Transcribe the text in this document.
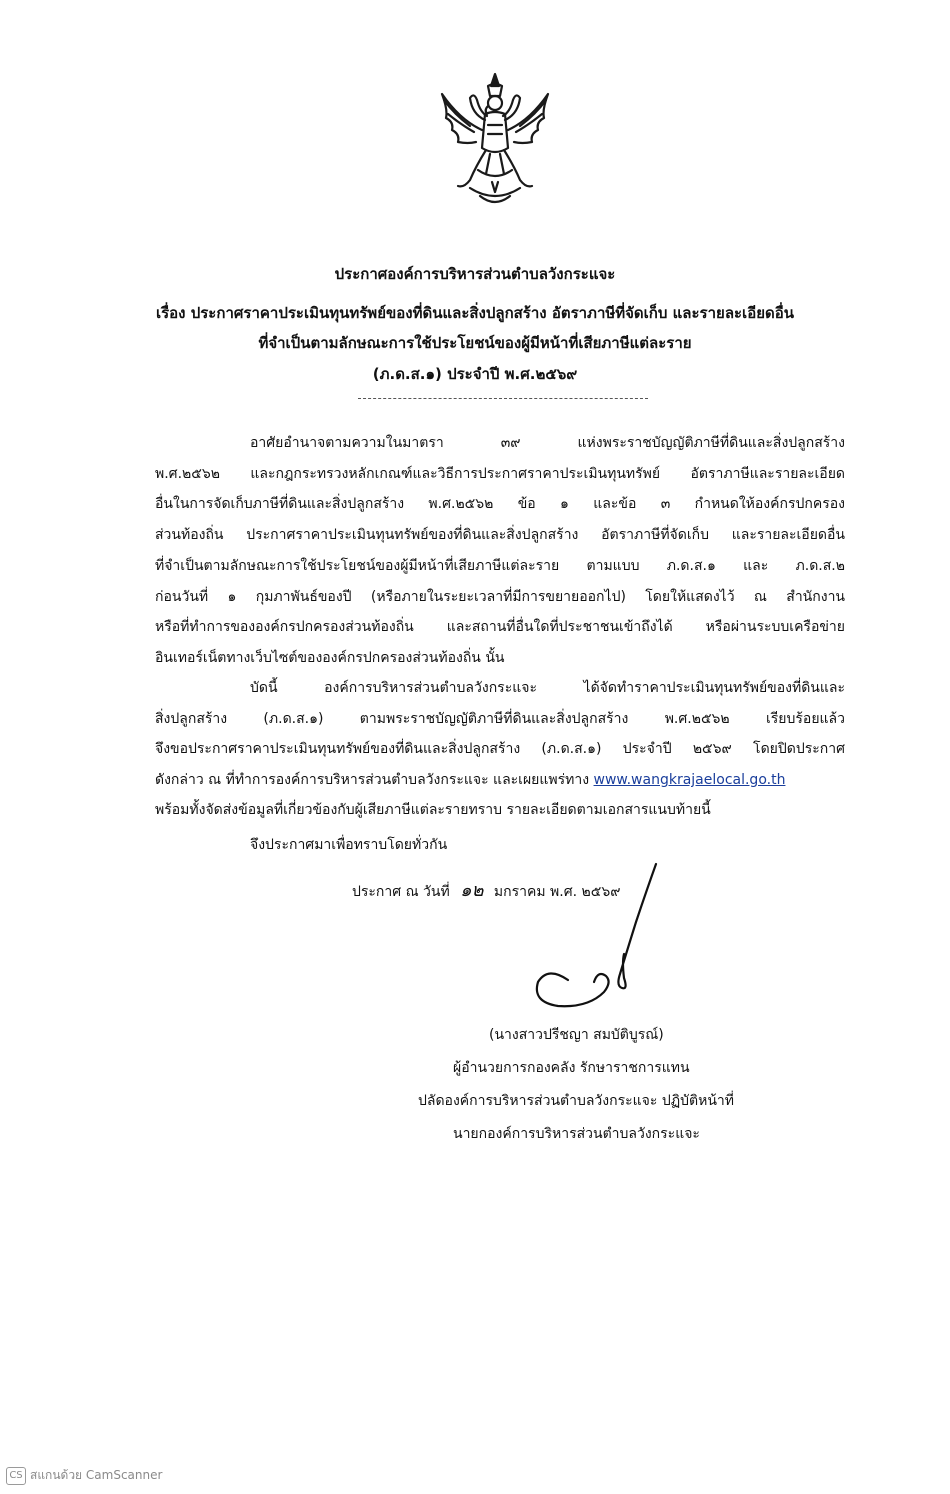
ประกาศองค์การบริหารส่วนตำบลวังกระแจะ
เรื่อง ประกาศราคาประเมินทุนทรัพย์ของที่ดินและสิ่งปลูกสร้าง อัตราภาษีที่จัดเก็บ และรายละเอียดอื่น
ที่จำเป็นตามลักษณะการใช้ประโยชน์ของผู้มีหน้าที่เสียภาษีแต่ละราย
(ภ.ด.ส.๑) ประจำปี พ.ศ.๒๕๖๙
อาศัยอำนาจตามความในมาตรา ๓๙ แห่งพระราชบัญญัติภาษีที่ดินและสิ่งปลูกสร้าง
พ.ศ.๒๕๖๒ และกฎกระทรวงหลักเกณฑ์และวิธีการประกาศราคาประเมินทุนทรัพย์ อัตราภาษีและรายละเอียด
อื่นในการจัดเก็บภาษีที่ดินและสิ่งปลูกสร้าง พ.ศ.๒๕๖๒ ข้อ ๑ และข้อ ๓ กำหนดให้องค์กรปกครอง
ส่วนท้องถิ่น ประกาศราคาประเมินทุนทรัพย์ของที่ดินและสิ่งปลูกสร้าง อัตราภาษีที่จัดเก็บ และรายละเอียดอื่น
ที่จำเป็นตามลักษณะการใช้ประโยชน์ของผู้มีหน้าที่เสียภาษีแต่ละราย ตามแบบ ภ.ด.ส.๑ และ ภ.ด.ส.๒
ก่อนวันที่ ๑ กุมภาพันธ์ของปี (หรือภายในระยะเวลาที่มีการขยายออกไป) โดยให้แสดงไว้ ณ สำนักงาน
หรือที่ทำการขององค์กรปกครองส่วนท้องถิ่น และสถานที่อื่นใดที่ประชาชนเข้าถึงได้ หรือผ่านระบบเครือข่าย
อินเทอร์เน็ตทางเว็บไซต์ขององค์กรปกครองส่วนท้องถิ่น นั้น
บัดนี้ องค์การบริหารส่วนตำบลวังกระแจะ ได้จัดทำราคาประเมินทุนทรัพย์ของที่ดินและ
สิ่งปลูกสร้าง (ภ.ด.ส.๑) ตามพระราชบัญญัติภาษีที่ดินและสิ่งปลูกสร้าง พ.ศ.๒๕๖๒ เรียบร้อยแล้ว
จึงขอประกาศราคาประเมินทุนทรัพย์ของที่ดินและสิ่งปลูกสร้าง (ภ.ด.ส.๑) ประจำปี ๒๕๖๙ โดยปิดประกาศ
ดังกล่าว ณ ที่ทำการองค์การบริหารส่วนตำบลวังกระแจะ และเผยแพร่ทาง www.wangkrajaelocal.go.th
พร้อมทั้งจัดส่งข้อมูลที่เกี่ยวข้องกับผู้เสียภาษีแต่ละรายทราบ รายละเอียดตามเอกสารแนบท้ายนี้
จึงประกาศมาเพื่อทราบโดยทั่วกัน
ประกาศ ณ วันที่ ๑๒ มกราคม พ.ศ. ๒๕๖๙
(นางสาวปรีชญา สมบัติบูรณ์)
ผู้อำนวยการกองคลัง รักษาราชการแทน
ปลัดองค์การบริหารส่วนตำบลวังกระแจะ ปฏิบัติหน้าที่
นายกองค์การบริหารส่วนตำบลวังกระแจะ
CS สแกนด้วย CamScanner
